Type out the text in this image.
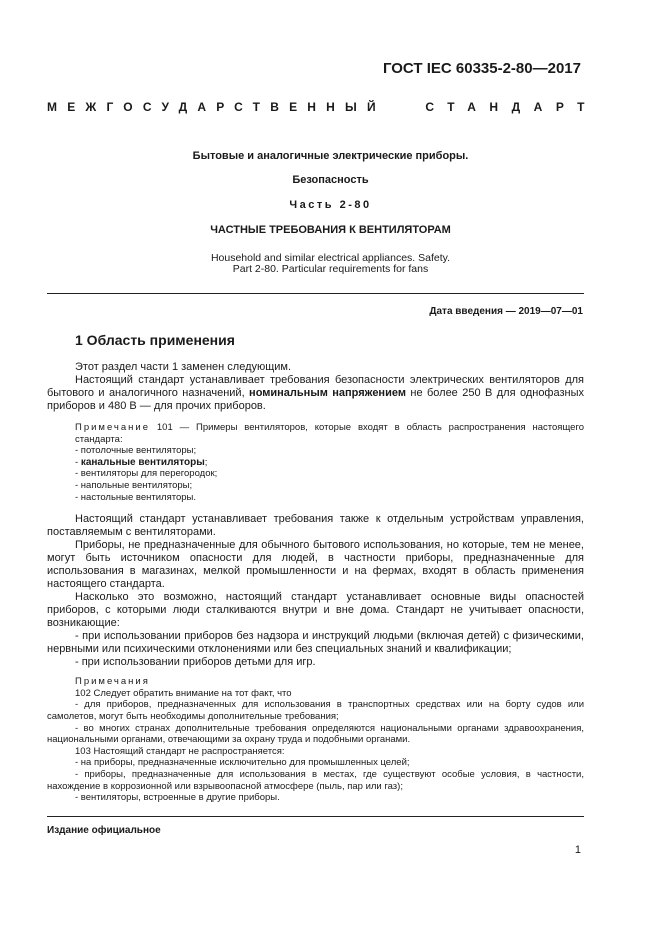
ГОСТ IEC 60335-2-80—2017
МЕЖГОСУДАРСТВЕННЫЙ	СТАНДАРТ
Бытовые и аналогичные электрические приборы.
Безопасность
Часть 2-80
ЧАСТНЫЕ ТРЕБОВАНИЯ К ВЕНТИЛЯТОРАМ
Household and similar electrical appliances. Safety.
Part 2-80. Particular requirements for fans
Дата введения — 2019—07—01
1 Область применения

Этот раздел части 1 заменен следующим.

Настоящий стандарт устанавливает требования безопасности электрических вентиляторов для бытового и аналогичного назначений, номинальным напряжением не более 250 В для однофазных приборов и 480 В — для прочих приборов.

Примечание 101 — Примеры вентиляторов, которые входят в область распространения настоящего стандарта:

- потолочные вентиляторы;

- канальные вентиляторы;

- вентиляторы для перегородок;

- напольные вентиляторы;

- настольные вентиляторы.

Настоящий стандарт устанавливает требования также к отдельным устройствам управления, поставляемым с вентиляторами.

Приборы, не предназначенные для обычного бытового использования, но которые, тем не менее, могут быть источником опасности для людей, в частности приборы, предназначенные для использования в магазинах, мелкой промышленности и на фермах, входят в область применения настоящего стандарта.

Насколько это возможно, настоящий стандарт устанавливает основные виды опасностей приборов, с которыми люди сталкиваются внутри и вне дома. Стандарт не учитывает опасности, возникающие:

- при использовании приборов без надзора и инструкций людьми (включая детей) с физическими, нервными или психическими отклонениями или без специальных знаний и квалификации;

- при использовании приборов детьми для игр.

Примечания

102 Следует обратить внимание на тот факт, что

- для приборов, предназначенных для использования в транспортных средствах или на борту судов или самолетов, могут быть необходимы дополнительные требования;

- во многих странах дополнительные требования определяются национальными органами здравоохранения, национальными органами, отвечающими за охрану труда и подобными органами.

103 Настоящий стандарт не распространяется:

- на приборы, предназначенные исключительно для промышленных целей;

- приборы, предназначенные для использования в местах, где существуют особые условия, в частности, нахождение в коррозионной или взрывоопасной атмосфере (пыль, пар или газ);

- вентиляторы, встроенные в другие приборы.

Издание официальное
1
